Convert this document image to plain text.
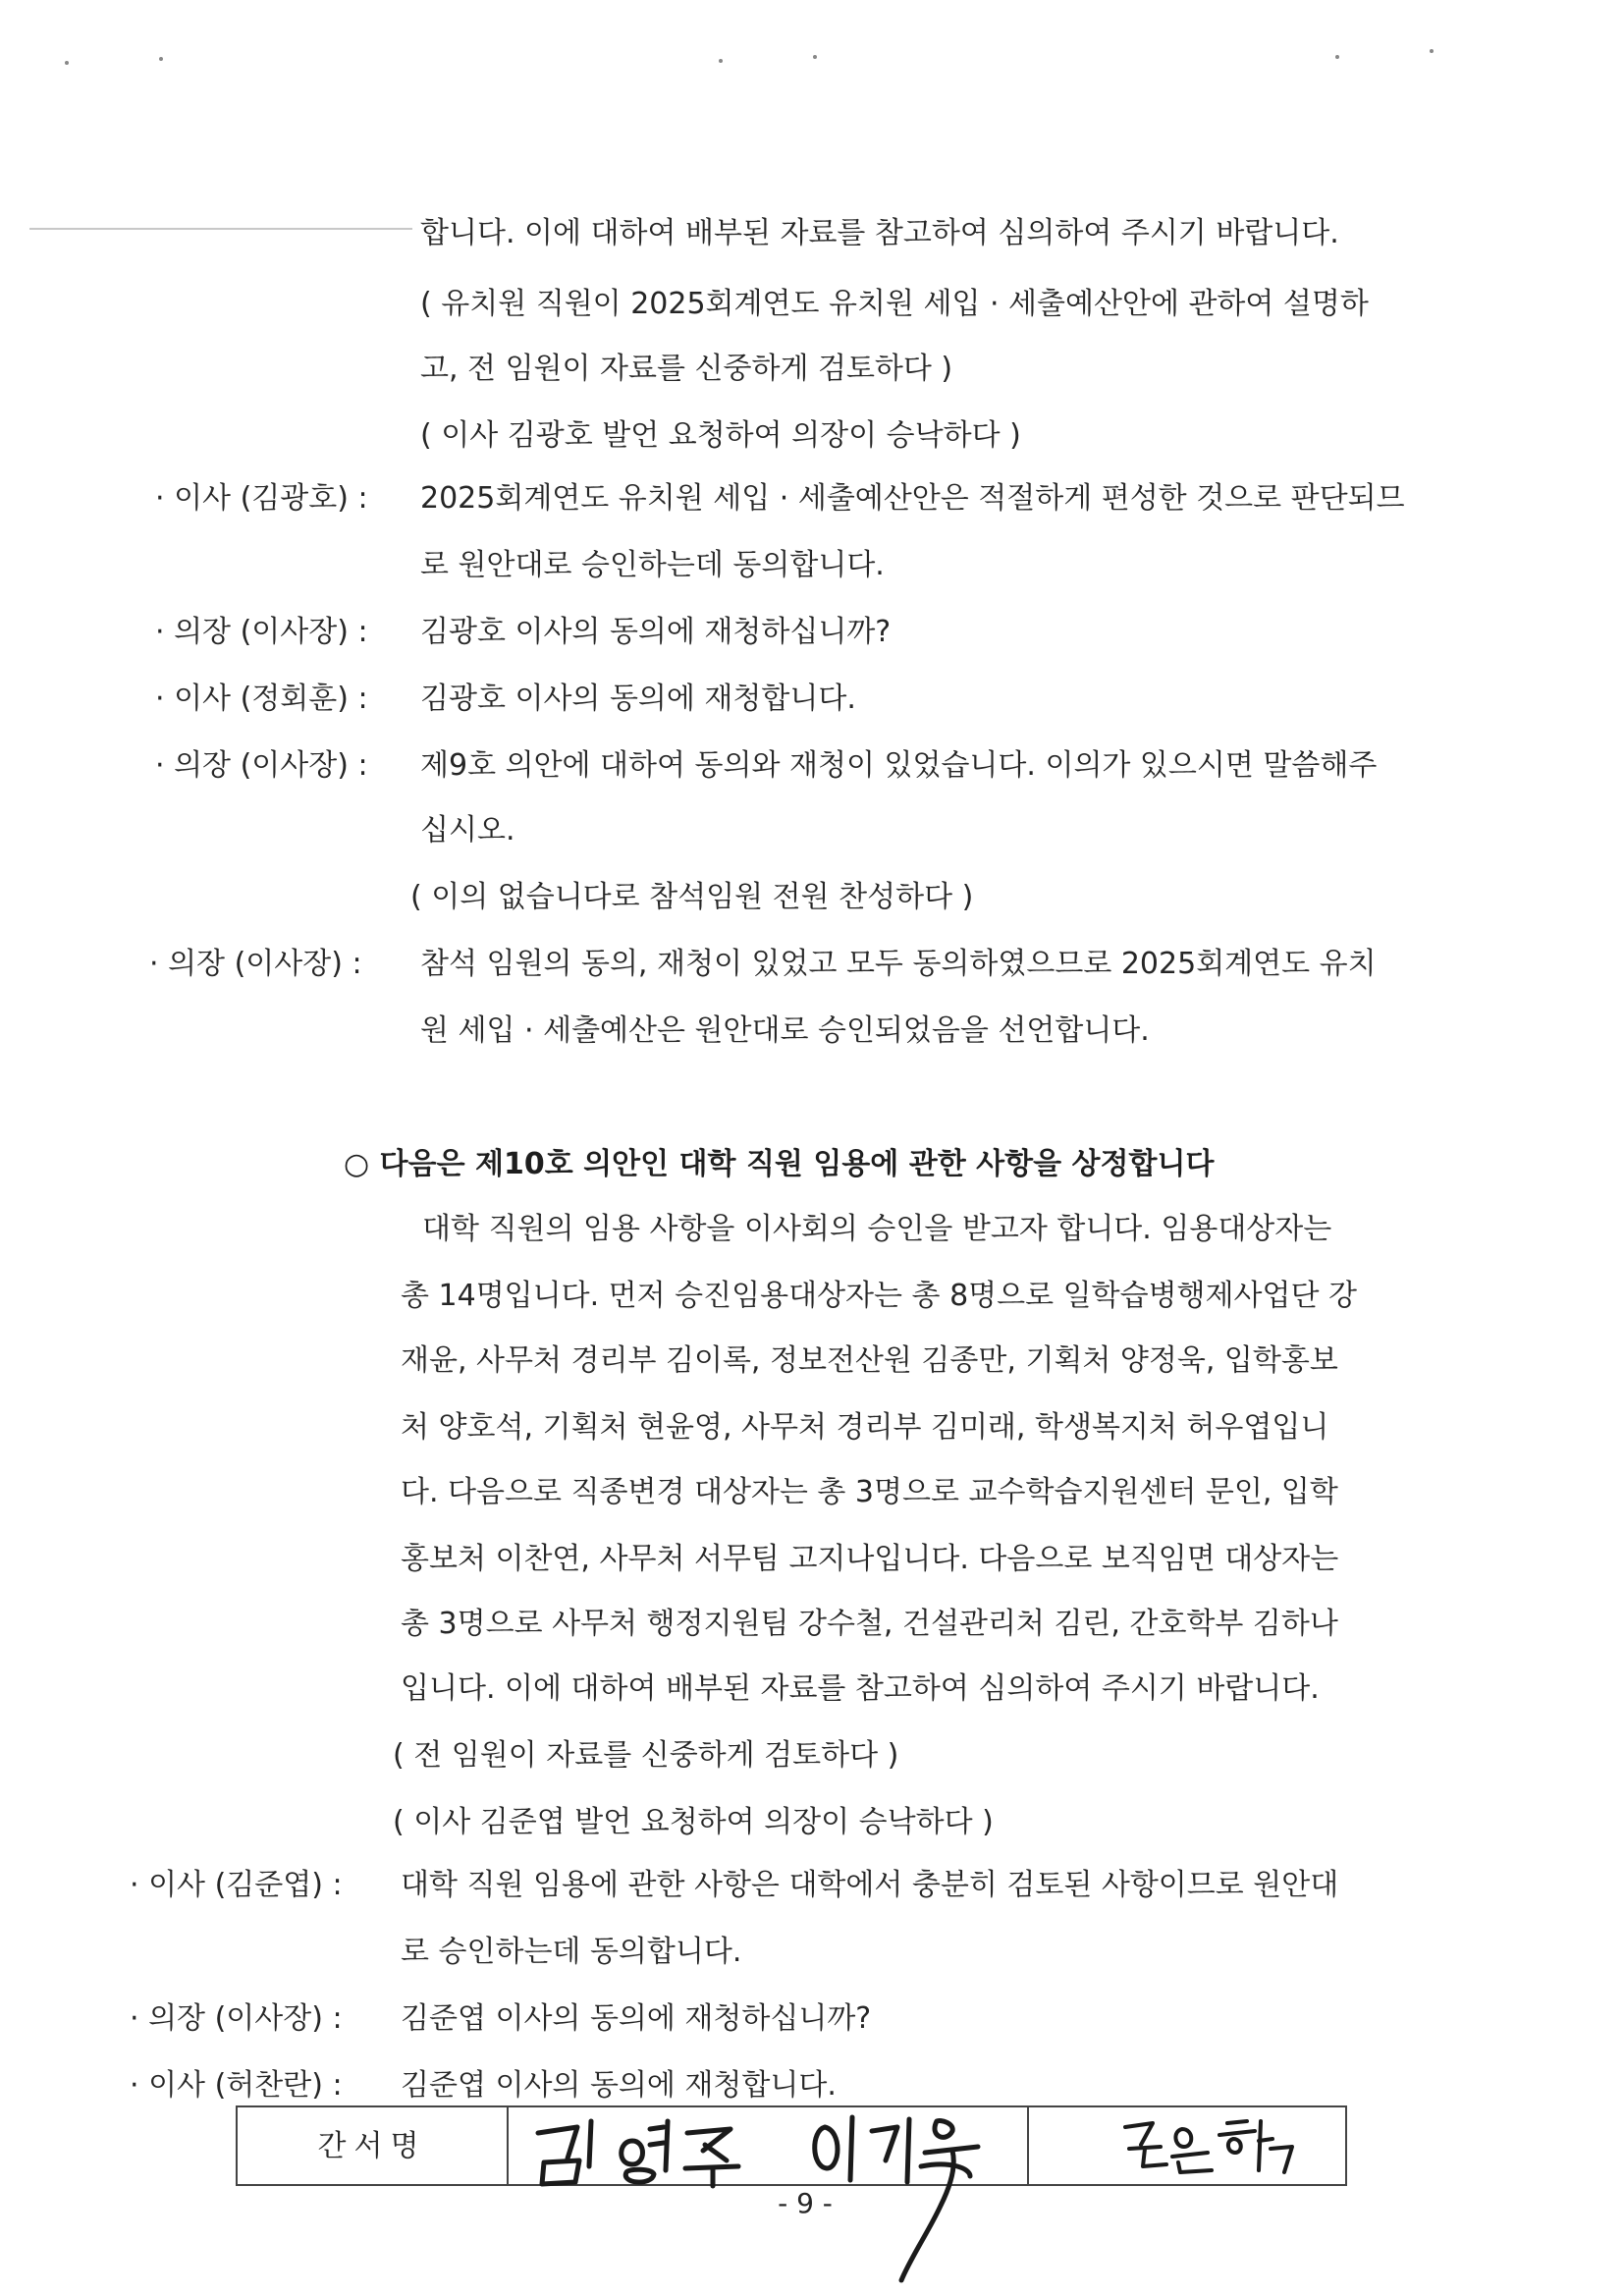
합니다. 이에 대하여 배부된 자료를 참고하여 심의하여 주시기 바랍니다.
( 유치원 직원이 2025회계연도 유치원 세입 · 세출예산안에 관하여 설명하
고, 전 임원이 자료를 신중하게 검토하다 )
( 이사 김광호 발언 요청하여 의장이 승낙하다 )
· 이사 (김광호) : 2025회계연도 유치원 세입 · 세출예산안은 적절하게 편성한 것으로 판단되므
로 원안대로 승인하는데 동의합니다.
· 의장 (이사장) : 김광호 이사의 동의에 재청하십니까?
· 이사 (정회훈) : 김광호 이사의 동의에 재청합니다.
· 의장 (이사장) : 제9호 의안에 대하여 동의와 재청이 있었습니다. 이의가 있으시면 말씀해주
십시오.
( 이의 없습니다로 참석임원 전원 찬성하다 )
· 의장 (이사장) : 참석 임원의 동의, 재청이 있었고 모두 동의하였으므로 2025회계연도 유치
원 세입 · 세출예산은 원안대로 승인되었음을 선언합니다.
○ 다음은 제10호 의안인 대학 직원 임용에 관한 사항을 상정합니다
대학 직원의 임용 사항을 이사회의 승인을 받고자 합니다. 임용대상자는
총 14명입니다. 먼저 승진임용대상자는 총 8명으로 일학습병행제사업단 강
재윤, 사무처 경리부 김이록, 정보전산원 김종만, 기획처 양정욱, 입학홍보
처 양호석, 기획처 현윤영, 사무처 경리부 김미래, 학생복지처 허우엽입니
다. 다음으로 직종변경 대상자는 총 3명으로 교수학습지원센터 문인, 입학
홍보처 이찬연, 사무처 서무팀 고지나입니다. 다음으로 보직임면 대상자는
총 3명으로 사무처 행정지원팀 강수철, 건설관리처 김린, 간호학부 김하나
입니다. 이에 대하여 배부된 자료를 참고하여 심의하여 주시기 바랍니다.
( 전 임원이 자료를 신중하게 검토하다 )
( 이사 김준엽 발언 요청하여 의장이 승낙하다 )
· 이사 (김준엽) : 대학 직원 임용에 관한 사항은 대학에서 충분히 검토된 사항이므로 원안대
로 승인하는데 동의합니다.
· 의장 (이사장) : 김준엽 이사의 동의에 재청하십니까?
· 이사 (허찬란) : 김준엽 이사의 동의에 재청합니다.
간서명
- 9 -
